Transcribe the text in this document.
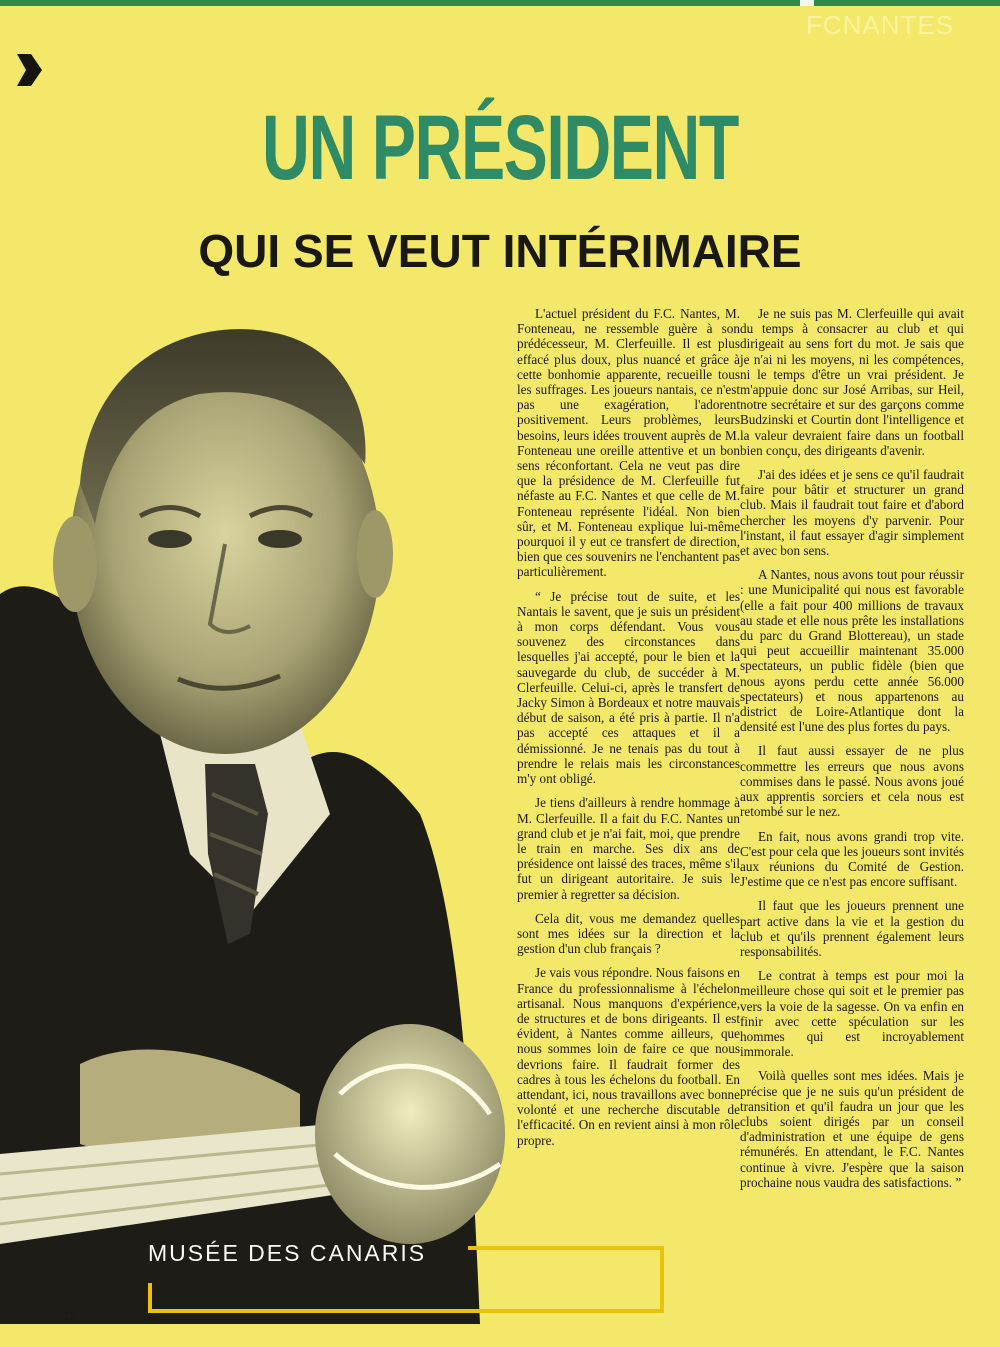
FCNANTES
UN PRÉSIDENT
QUI SE VEUT INTÉRIMAIRE

L'actuel président du F.C. Nantes, M. Fonteneau, ne ressemble guère à son prédécesseur, M. Clerfeuille. Il est plus effacé plus doux, plus nuancé et grâce à cette bonhomie apparente, recueille tous les suffrages. Les joueurs nantais, ce n'est pas une exagération, l'adorent positivement. Leurs problèmes, leurs besoins, leurs idées trouvent auprès de M. Fonteneau une oreille attentive et un bon sens réconfortant. Cela ne veut pas dire que la présidence de M. Clerfeuille fut néfaste au F.C. Nantes et que celle de M. Fonteneau représente l'idéal. Non bien sûr, et M. Fonteneau explique lui-même pourquoi il y eut ce transfert de direction, bien que ces souvenirs ne l'enchantent pas particulièrement.

“ Je précise tout de suite, et les Nantais le savent, que je suis un président à mon corps défendant. Vous vous souvenez des circonstances dans lesquelles j'ai accepté, pour le bien et la sauvegarde du club, de succéder à M. Clerfeuille. Celui-ci, après le transfert de Jacky Simon à Bordeaux et notre mauvais début de saison, a été pris à partie. Il n'a pas accepté ces attaques et il a démissionné. Je ne tenais pas du tout à prendre le relais mais les circonstances m'y ont obligé.

Je tiens d'ailleurs à rendre hommage à M. Clerfeuille. Il a fait du F.C. Nantes un grand club et je n'ai fait, moi, que prendre le train en marche. Ses dix ans de présidence ont laissé des traces, même s'il fut un dirigeant autoritaire. Je suis le premier à regretter sa décision.

Cela dit, vous me demandez quelles sont mes idées sur la direction et la gestion d'un club français ?

Je vais vous répondre. Nous faisons en France du professionnalisme à l'échelon artisanal. Nous manquons d'expérience, de structures et de bons dirigeants. Il est évident, à Nantes comme ailleurs, que nous sommes loin de faire ce que nous devrions faire. Il faudrait former des cadres à tous les échelons du football. En attendant, ici, nous travaillons avec bonne volonté et une recherche discutable de l'efficacité. On en revient ainsi à mon rôle propre.

Je ne suis pas M. Clerfeuille qui avait du temps à consacrer au club et qui dirigeait au sens fort du mot. Je sais que je n'ai ni les moyens, ni les compétences, ni le temps d'être un vrai président. Je m'appuie donc sur José Arribas, sur Heil, notre secrétaire et sur des garçons comme Budzinski et Courtin dont l'intelligence et la valeur devraient faire dans un football bien conçu, des dirigeants d'avenir.

J'ai des idées et je sens ce qu'il faudrait faire pour bâtir et structurer un grand club. Mais il faudrait tout faire et d'abord chercher les moyens d'y parvenir. Pour l'instant, il faut essayer d'agir simplement et avec bon sens.

A Nantes, nous avons tout pour réussir : une Municipalité qui nous est favorable (elle a fait pour 400 millions de travaux au stade et elle nous prête les installations du parc du Grand Blottereau), un stade qui peut accueillir maintenant 35.000 spectateurs, un public fidèle (bien que nous ayons perdu cette année 56.000 spectateurs) et nous appartenons au district de Loire-Atlantique dont la densité est l'une des plus fortes du pays.

Il faut aussi essayer de ne plus commettre les erreurs que nous avons commises dans le passé. Nous avons joué aux apprentis sorciers et cela nous est retombé sur le nez.

En fait, nous avons grandi trop vite. C'est pour cela que les joueurs sont invités aux réunions du Comité de Gestion. J'estime que ce n'est pas encore suffisant.

Il faut que les joueurs prennent une part active dans la vie et la gestion du club et qu'ils prennent également leurs responsabilités.

Le contrat à temps est pour moi la meilleure chose qui soit et le premier pas vers la voie de la sagesse. On va enfin en finir avec cette spéculation sur les hommes qui est incroyablement immorale.

Voilà quelles sont mes idées. Mais je précise que je ne suis qu'un président de transition et qu'il faudra un jour que les clubs soient dirigés par un conseil d'administration et une équipe de gens rémunérés. En attendant, le F.C. Nantes continue à vivre. J'espère que la saison prochaine nous vaudra des satisfactions. ”

MUSÉE DES CANARIS
12
